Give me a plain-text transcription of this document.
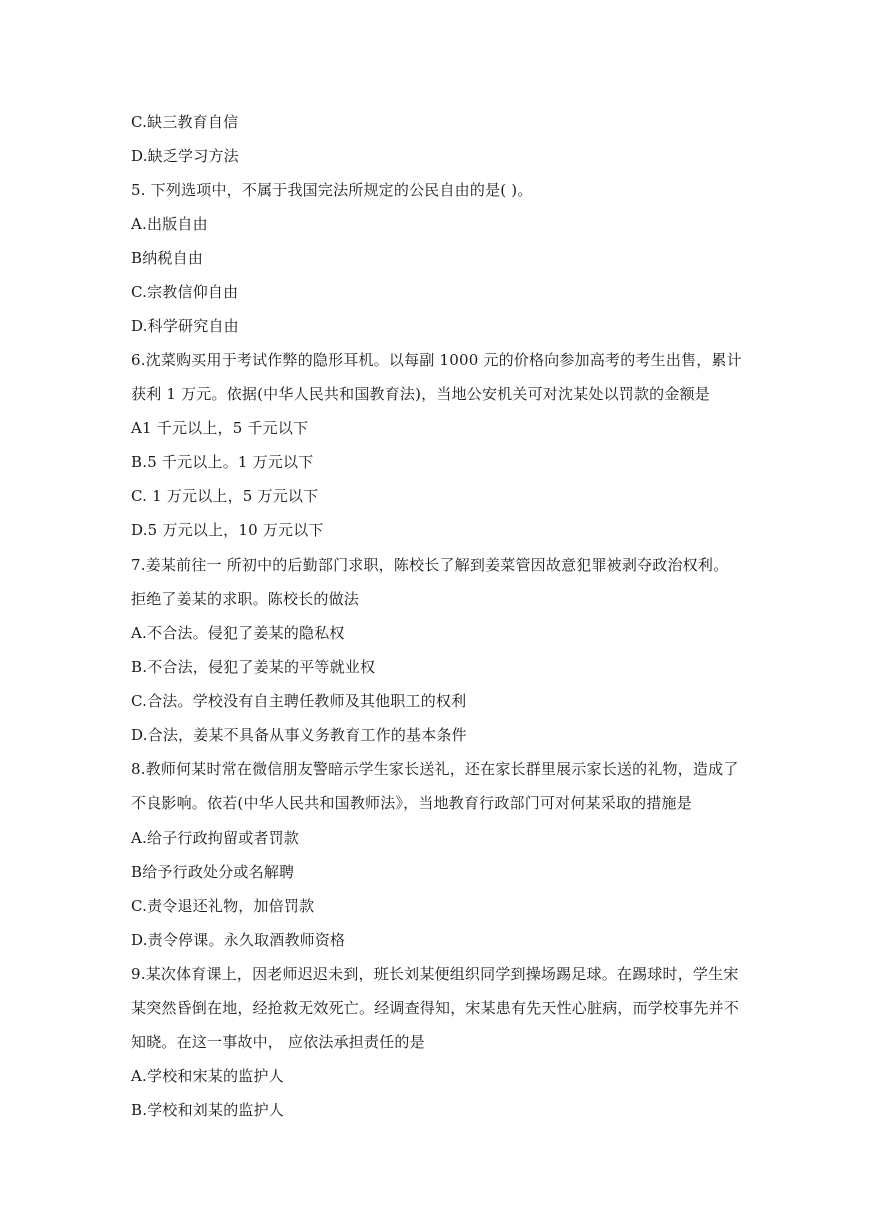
C.缺三教育自信
D.缺乏学习方法
5. 下列选项中，不属于我国完法所规定的公民自由的是( )。
A.出版自由
B纳税自由
C.宗教信仰自由
D.科学研究自由
6.沈菜购买用于考试作弊的隐形耳机。以每副 1000 元的价格向参加高考的考生出售，累计
获利 1 万元。依据(中华人民共和国教育法)，当地公安机关可对沈某处以罚款的金额是
A1 千元以上，5 千元以下
B.5 千元以上。1 万元以下
C. 1 万元以上，5 万元以下
D.5 万元以上，10 万元以下
7.姜某前往一 所初中的后勤部门求职，陈校长了解到姜菜管因故意犯罪被剥夺政治权利。
拒绝了姜某的求职。陈校长的做法
A.不合法。侵犯了姜某的隐私权
B.不合法，侵犯了姜某的平等就业权
C.合法。学校没有自主聘任教师及其他职工的权利
D.合法，姜某不具备从事义务教育工作的基本条件
8.教师何某时常在微信朋友警暗示学生家长送礼，还在家长群里展示家长送的礼物，造成了
不良影响。依若(中华人民共和国教师法》，当地教育行政部门可对何某采取的措施是
A.给子行政拘留或者罚款
B给予行政处分或名解聘
C.责令退还礼物，加倍罚款
D.责令停课。永久取酒教师资格
9.某次体育课上，因老师迟迟未到，班长刘某便组织同学到操场踢足球。在踢球时，学生宋
某突然昏倒在地，经抢救无效死亡。经调查得知，宋某患有先天性心脏病，而学校事先并不
知晓。在这一事故中， 应依法承担责任的是
A.学校和宋某的监护人
B.学校和刘某的监护人
